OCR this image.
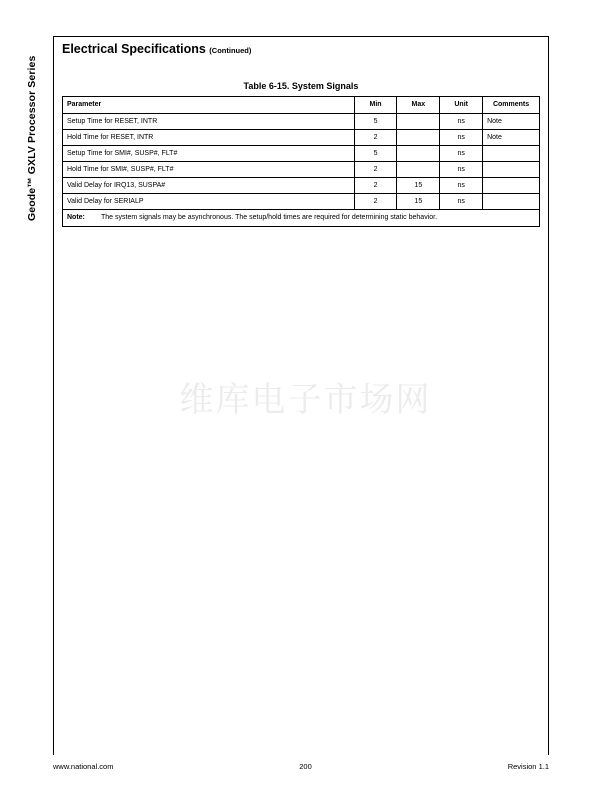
Geode™ GXLV Processor Series
Electrical Specifications (Continued)
Table 6-15. System Signals
Parameter	Min	Max	Unit	Comments
Setup Time for RESET, INTR	5		ns	Note
Hold Time for RESET, INTR	2		ns	Note
Setup Time for SMI#, SUSP#, FLT#	5		ns	
Hold Time for SMI#, SUSP#, FLT#	2		ns	
Valid Delay for IRQ13, SUSPA#	2	15	ns	
Valid Delay for SERIALP	2	15	ns	

Note: The system signals may be asynchronous. The setup/hold times are required for determining static behavior.				
维库电子市场网
www.national.com	200	Revision 1.1
